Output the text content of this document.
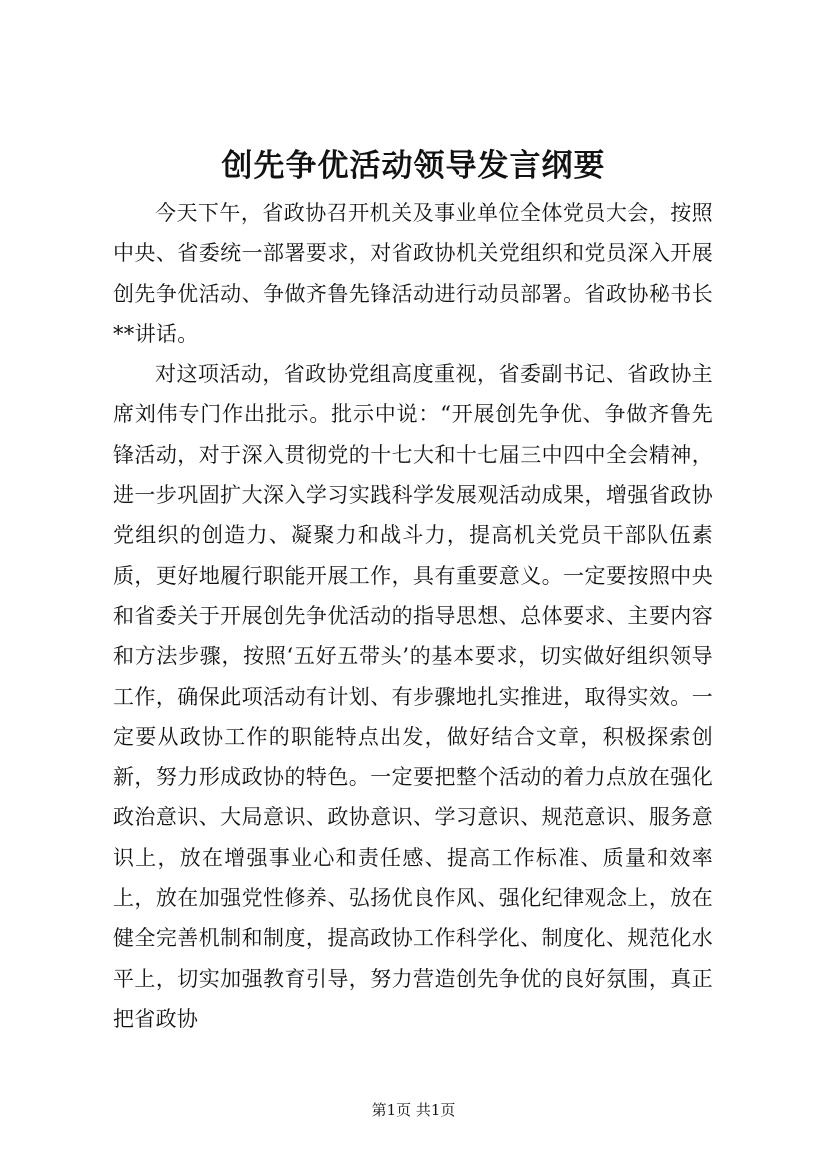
创先争优活动领导发言纲要

今天下午，省政协召开机关及事业单位全体党员大会，按照中央、省委统一部署要求，对省政协机关党组织和党员深入开展创先争优活动、争做齐鲁先锋活动进行动员部署。省政协秘书长**讲话。

对这项活动，省政协党组高度重视，省委副书记、省政协主席刘伟专门作出批示。批示中说：“开展创先争优、争做齐鲁先锋活动，对于深入贯彻党的十七大和十七届三中四中全会精神，进一步巩固扩大深入学习实践科学发展观活动成果，增强省政协党组织的创造力、凝聚力和战斗力，提高机关党员干部队伍素质，更好地履行职能开展工作，具有重要意义。一定要按照中央和省委关于开展创先争优活动的指导思想、总体要求、主要内容和方法步骤，按照‘五好五带头’的基本要求，切实做好组织领导工作，确保此项活动有计划、有步骤地扎实推进，取得实效。一定要从政协工作的职能特点出发，做好结合文章，积极探索创新，努力形成政协的特色。一定要把整个活动的着力点放在强化政治意识、大局意识、政协意识、学习意识、规范意识、服务意识上，放在增强事业心和责任感、提高工作标准、质量和效率上，放在加强党性修养、弘扬优良作风、强化纪律观念上，放在健全完善机制和制度，提高政协工作科学化、制度化、规范化水平上，切实加强教育引导，努力营造创先争优的良好氛围，真正把省政协

第1页 共1页
